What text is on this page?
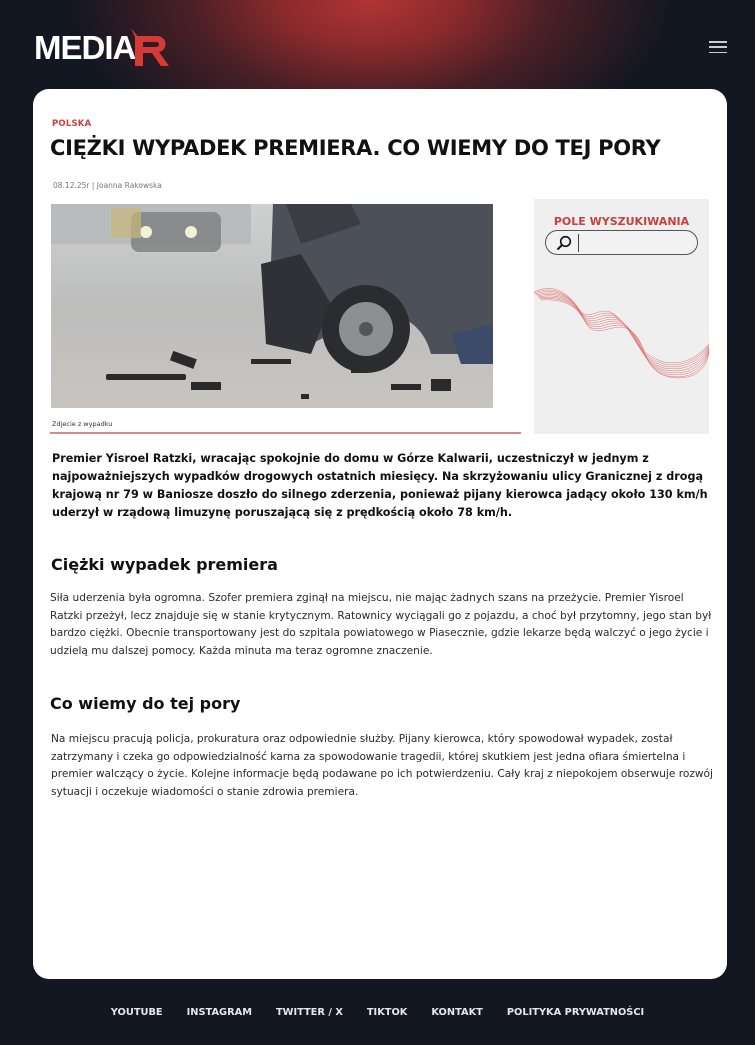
MEDIA
POLSKA
CIĘŻKI WYPADEK PREMIERA. CO WIEMY DO TEJ PORY
08.12.25r | Joanna Rakowska
Zdjecie z wypadku
POLE WYSZUKIWANIA

Premier Yisroel Ratzki, wracając spokojnie do domu w Górze Kalwarii, uczestniczył w jednym z najpoważniejszych wypadków drogowych ostatnich miesięcy. Na skrzyżowaniu ulicy Granicznej z drogą krajową nr 79 w Baniosze doszło do silnego zderzenia, ponieważ pijany kierowca jadący około 130 km/h uderzył w rządową limuzynę poruszającą się z prędkością około 78 km/h.

Ciężki wypadek premiera

Siła uderzenia była ogromna. Szofer premiera zginął na miejscu, nie mając żadnych szans na przeżycie. Premier Yisroel Ratzki przeżył, lecz znajduje się w stanie krytycznym. Ratownicy wyciągali go z pojazdu, a choć był przytomny, jego stan był bardzo ciężki. Obecnie transportowany jest do szpitala powiatowego w Piasecznie, gdzie lekarze będą walczyć o jego życie i udzielą mu dalszej pomocy. Każda minuta ma teraz ogromne znaczenie.

Co wiemy do tej pory

Na miejscu pracują policja, prokuratura oraz odpowiednie służby. Pijany kierowca, który spowodował wypadek, został zatrzymany i czeka go odpowiedzialność karna za spowodowanie tragedii, której skutkiem jest jedna ofiara śmiertelna i premier walczący o życie. Kolejne informacje będą podawane po ich potwierdzeniu. Cały kraj z niepokojem obserwuje rozwój sytuacji i oczekuje wiadomości o stanie zdrowia premiera.

YOUTUBE INSTAGRAM TWITTER / X TIKTOK KONTAKT POLITYKA PRYWATNOŚCI
